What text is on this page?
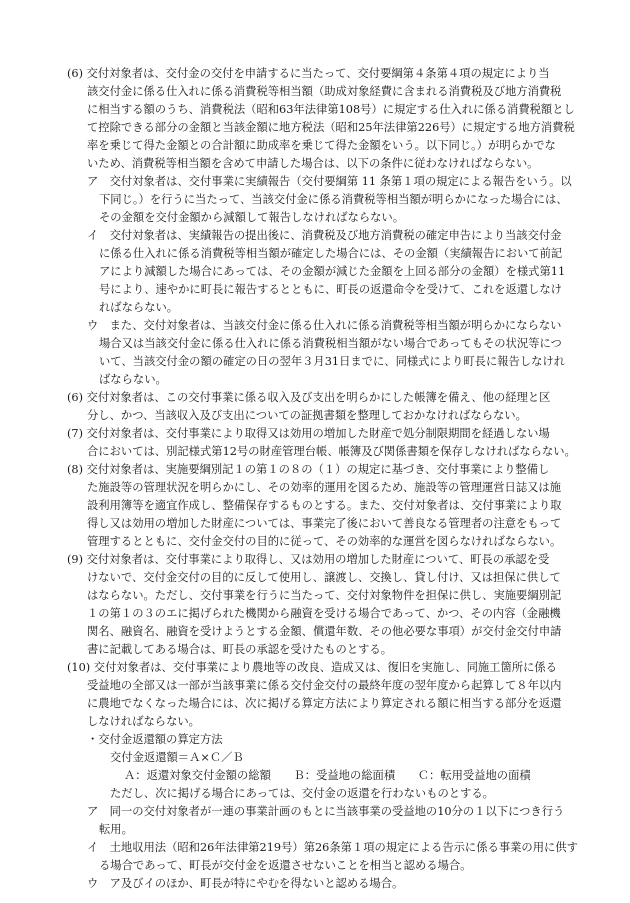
(6) 交付対象者は、交付金の交付を申請するに当たって、交付要綱第４条第４項の規定により当
該交付金に係る仕入れに係る消費税等相当額（助成対象経費に含まれる消費税及び地方消費税
に相当する額のうち、消費税法（昭和63年法律第108号）に規定する仕入れに係る消費税額とし
て控除できる部分の金額と当該金額に地方税法（昭和25年法律第226号）に規定する地方消費税
率を乗じて得た金額との合計額に助成率を乗じて得た金額をいう。以下同じ。）が明らかでな
いため、消費税等相当額を含めて申請した場合は、以下の条件に従わなければならない。
ア　交付対象者は、交付事業に実績報告（交付要綱第 11 条第１項の規定による報告をいう。以
下同じ。）を行うに当たって、当該交付金に係る消費税等相当額が明らかになった場合には、
その金額を交付金額から減額して報告しなければならない。
イ　交付対象者は、実績報告の提出後に、消費税及び地方消費税の確定申告により当該交付金
に係る仕入れに係る消費税等相当額が確定した場合には、その金額（実績報告において前記
アにより減額した場合にあっては、その金額が減じた金額を上回る部分の金額）を様式第11
号により、速やかに町長に報告するとともに、町長の返還命令を受けて、これを返還しなけ
ればならない。
ウ　また、交付対象者は、当該交付金に係る仕入れに係る消費税等相当額が明らかにならない
場合又は当該交付金に係る仕入れに係る消費税相当額がない場合であってもその状況等につ
いて、当該交付金の額の確定の日の翌年３月31日までに、同様式により町長に報告しなけれ
ばならない。
(6) 交付対象者は、この交付事業に係る収入及び支出を明らかにした帳簿を備え、他の経理と区
分し、かつ、当該収入及び支出についての証拠書類を整理しておかなければならない。
(7) 交付対象者は、交付事業により取得又は効用の増加した財産で処分制限期間を経過しない場
合においては、別記様式第12号の財産管理台帳、帳簿及び関係書類を保存しなければならない。
(8) 交付対象者は、実施要綱別記１の第１の８の（１）の規定に基づき、交付事業により整備し
た施設等の管理状況を明らかにし、その効率的運用を図るため、施設等の管理運営日誌又は施
設利用簿等を適宜作成し、整備保存するものとする。また、交付対象者は、交付事業により取
得し又は効用の増加した財産については、事業完了後において善良なる管理者の注意をもって
管理するとともに、交付金交付の目的に従って、その効率的な運営を図らなければならない。
(9) 交付対象者は、交付事業により取得し、又は効用の増加した財産について、町長の承認を受
けないで、交付金交付の目的に反して使用し、譲渡し、交換し、貸し付け、又は担保に供して
はならない。ただし、交付事業を行うに当たって、交付対象物件を担保に供し、実施要綱別記
１の第１の３のエに掲げられた機関から融資を受ける場合であって、かつ、その内容（金融機
関名、融資名、融資を受けようとする金額、償還年数、その他必要な事項）が交付金交付申請
書に記載してある場合は、町長の承認を受けたものとする。
(10) 交付対象者は、交付事業により農地等の改良、造成又は、復旧を実施し、同施工箇所に係る
受益地の全部又は一部が当該事業に係る交付金交付の最終年度の翌年度から起算して８年以内
に農地でなくなった場合には、次に掲げる算定方法により算定される額に相当する部分を返還
しなければならない。
・交付金返還額の算定方法
交付金返還額＝Ａ×Ｃ／Ｂ
Ａ：返還対象交付金額の総額　　Ｂ：受益地の総面積　　Ｃ：転用受益地の面積
ただし、次に掲げる場合にあっては、交付金の返還を行わないものとする。
ア　同一の交付対象者が一連の事業計画のもとに当該事業の受益地の10分の１以下につき行う
転用。
イ　土地収用法（昭和26年法律第219号）第26条第１項の規定による告示に係る事業の用に供す
る場合であって、町長が交付金を返還させないことを相当と認める場合。
ウ　ア及びイのほか、町長が特にやむを得ないと認める場合。
